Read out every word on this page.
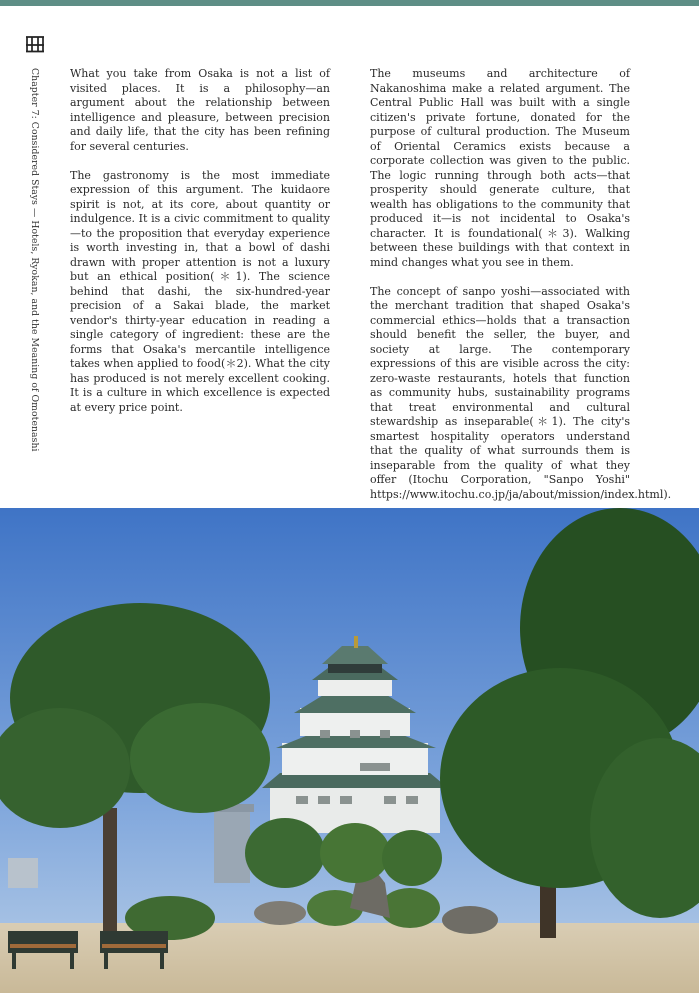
Chapter 7: Considered Stays — Hotels, Ryokan, and the Meaning of Omotenashi	What you take from Osaka is not a list of visited places. It is a philosophy—an argument about the relationship between intelligence and pleasure, between precision and daily life, that the city has been refining for several centuries.

The gastronomy is the most immediate expression of this argument. The kuidaore spirit is not, at its core, about quantity or indulgence. It is a civic commitment to quality—to the proposition that everyday experience is worth investing in, that a bowl of dashi drawn with proper attention is not a luxury but an ethical position(＊1). The science behind that dashi, the six-hundred-year precision of a Sakai blade, the market vendor's thirty-year education in reading a single category of ingredient: these are the forms that Osaka's mercantile intelligence takes when applied to food(＊2). What the city has produced is not merely excellent cooking. It is a culture in which excellence is expected at every price point.

The museums and architecture of Nakanoshima make a related argument. The Central Public Hall was built with a single citizen's private fortune, donated for the purpose of cultural production. The Museum of Oriental Ceramics exists because a corporate collection was given to the public. The logic running through both acts—that prosperity should generate culture, that wealth has obligations to the community that produced it—is not incidental to Osaka's character. It is foundational(＊3). Walking between these buildings with that context in mind changes what you see in them.

The concept of sanpo yoshi—associated with the merchant tradition that shaped Osaka's commercial ethics—holds that a transaction should benefit the seller, the buyer, and society at large. The contemporary expressions of this are visible across the city: zero-waste restaurants, hotels that function as community hubs, sustainability programs that treat environmental and cultural stewardship as inseparable(＊1). The city's smartest hospitality operators understand that the quality of what surrounds them is inseparable from the quality of what they offer (Itochu Corporation, "Sanpo Yoshi" https://www.itochu.co.jp/ja/about/mission/index.html).
